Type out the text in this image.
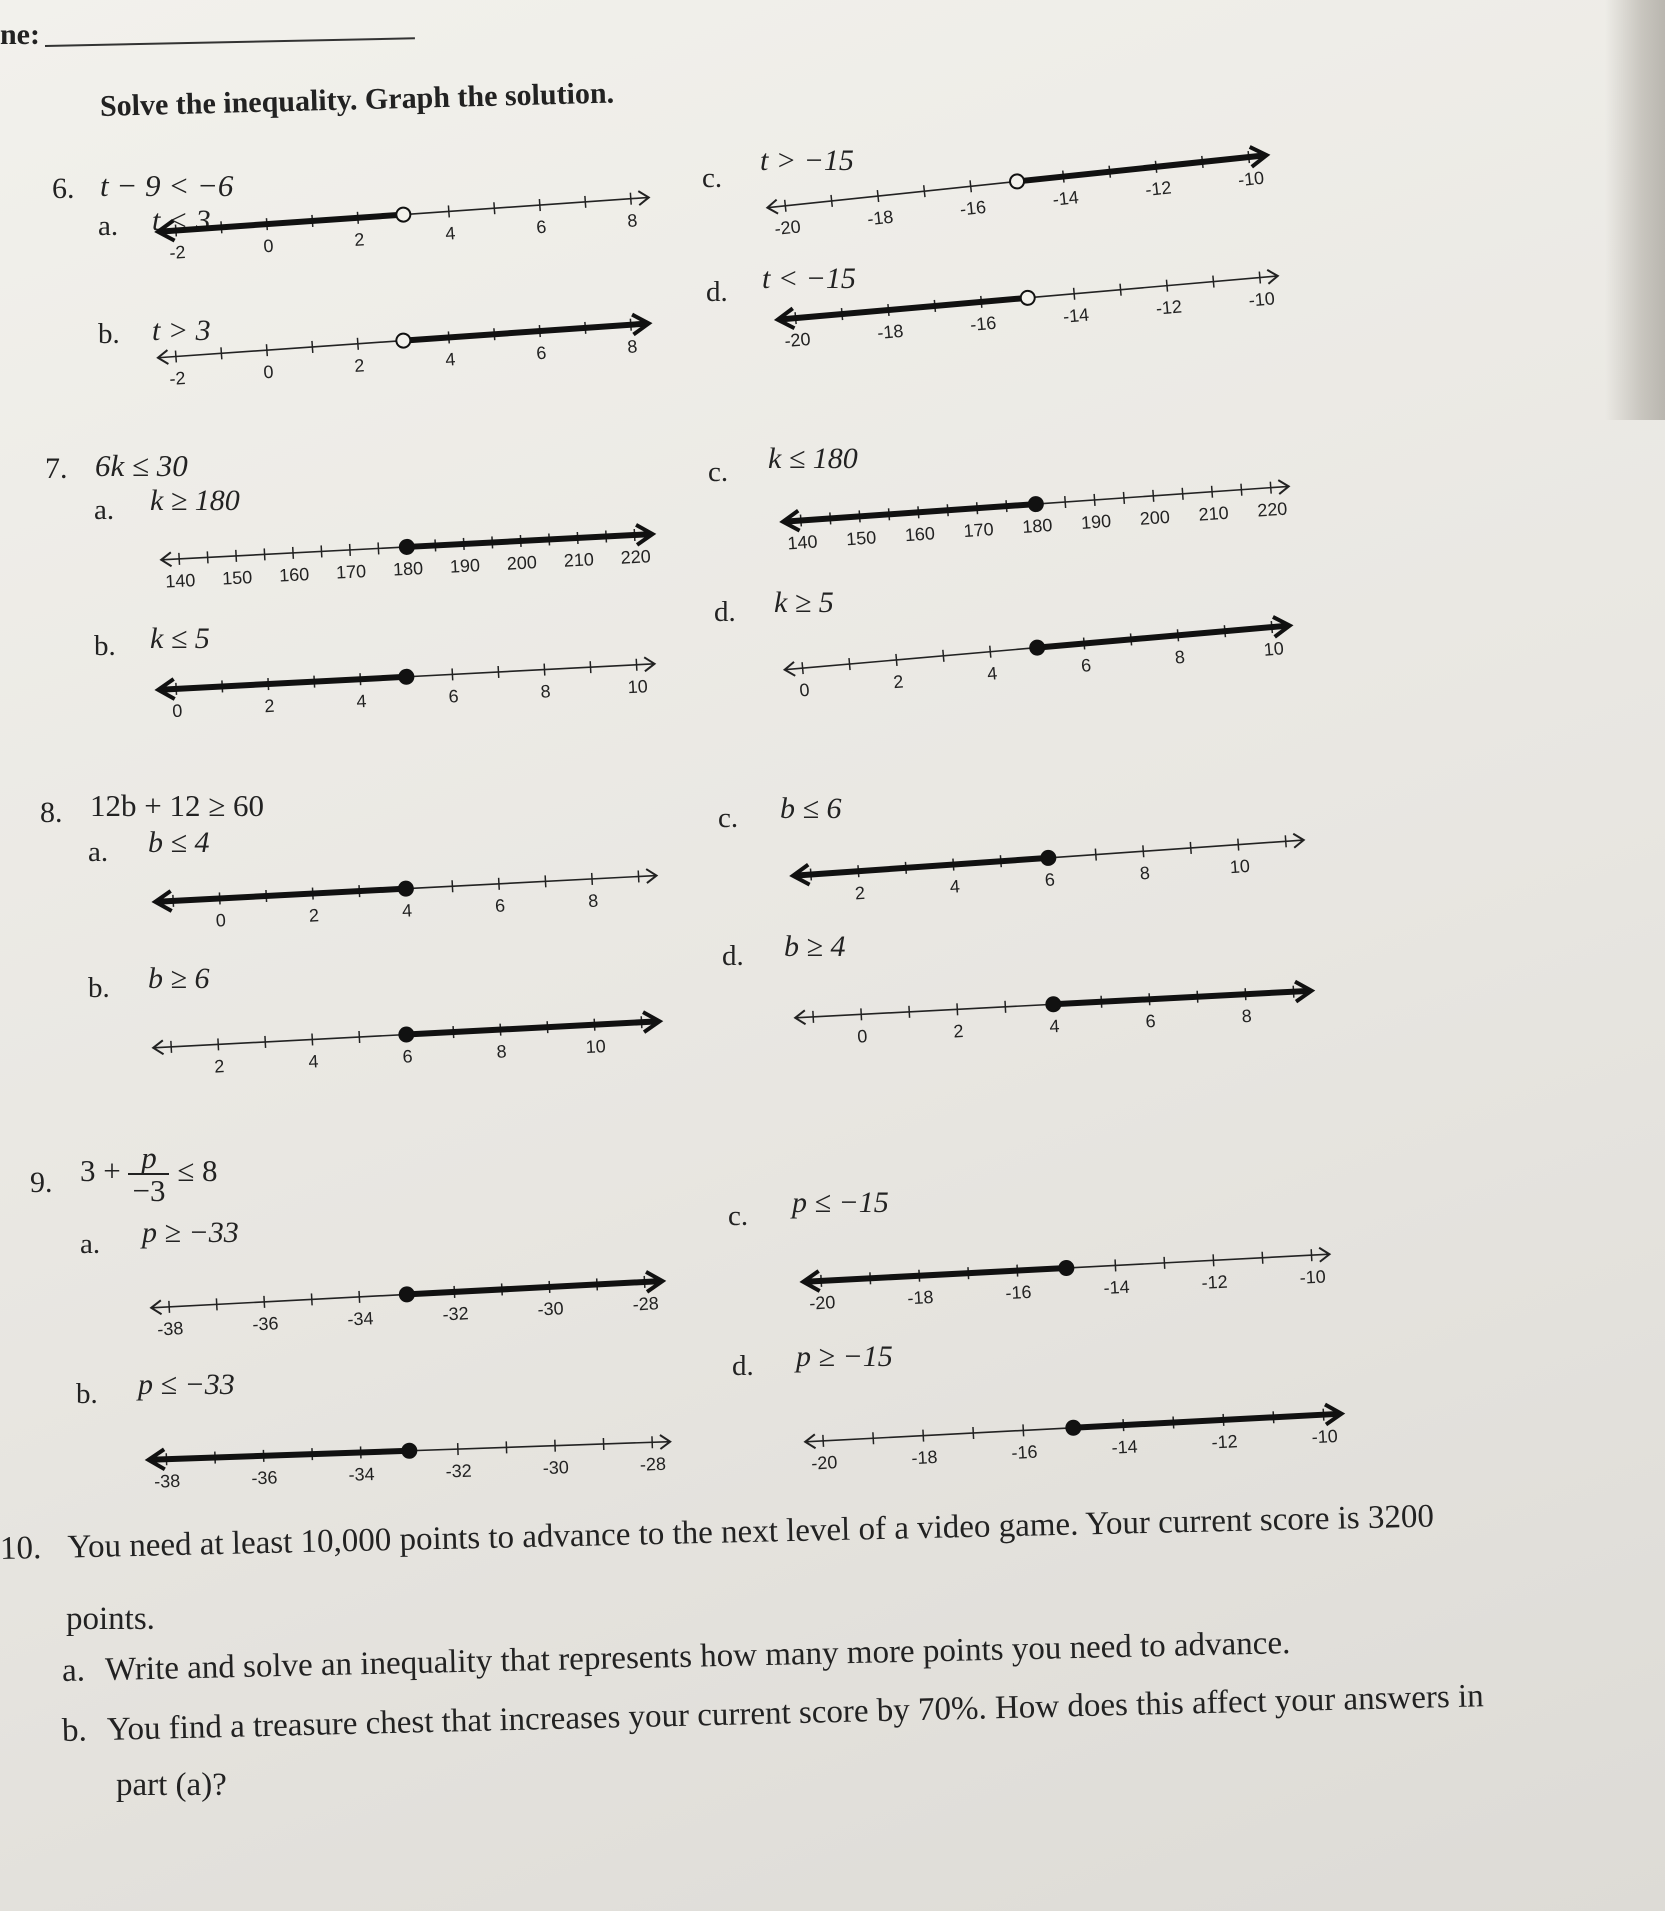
ne:
Solve the inequality. Graph the solution.
6. t − 9 < −6
a. t < 3
-2	0	2	4	6	8
b. t > 3
-2	0	2	4	6	8
c.
t > −15
-20	-18	-16	-14	-12	-10
d. t < −15
-20	-18	-16	-14	-12	-10
7. 6k ≤ 30
a. k ≥ 180
140 150 160 170 180 190 200 210 220
b. k ≤ 5
0	2	4	6	8	10
c. k ≤ 180
140 150 160 170 180 190 200 210 220
d. k ≥ 5
0	2	4	6	8	10
8. 12b + 12 ≥ 60
a. b ≤ 4
0	2	4	6	8
b. b ≥ 6
2	4	6	8	10
c. b ≤ 6
2	4	6	8	10
d. b ≥ 4
0	2	4	6	8
9. $3 + \frac{p}{-3} \le 8$
a. p ≥ −33
-38	-36	-34	-32	-30	-28
b. p ≤ −33
-38	-36	-34	-32	-30	-28
c. p ≤ −15
-20	-18	-16	-14	-12	-10
d. p ≥ −15
-20	-18	-16	-14	-12	-10
10. You need at least 10,000 points to advance to the next level of a video game. Your current score is 3200
points.
a. Write and solve an inequality that represents how many more points you need to advance.
b. You find a treasure chest that increases your current score by 70%. How does this affect your answers in
part (a)?
